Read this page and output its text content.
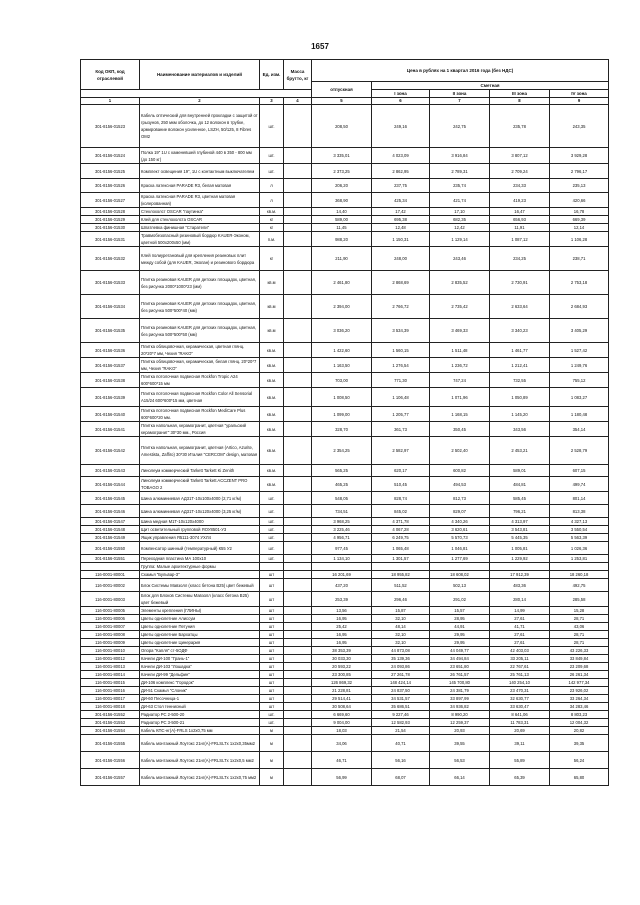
1657
Код ОКП, код отраслевой	Наименование материалов и изделий	Ед. изм.	Масса брутто, кг	Цена в рублях на 1 квартал 2016 года (без НДС)				
				отпускная	Сметная			
					I зона	II зона	III зона	IV зона
1	2	3	4	5	6	7	8	9
301-8156-01523	Кабель оптический для внутренней прокладки с защитой от грызунов, 250 мкм оболочка, до 12 волокон в трубке, армирование волокон усиленное, LSZH, 50/125, 8 Fibres OM2	шт.		208,50	249,16	242,75	235,78	243,35
301-8156-01524	Полка 19" 1U с каменевшей глубиной 440 в 350 - 800 мм (до 150 кг)	шт.		3 335,01	4 023,09	3 916,84	3 807,12	3 929,28
301-8156-01525	Комплект освещения 19", 1U с контактным выключателем	шт.		2 373,25	2 862,95	2 789,31	2 709,24	2 796,17
301-8156-01526	Краска латексная PARADE R3, белая матовая	л		206,20	237,75	235,74	234,33	235,13
301-8156-01527	Краска латексная PARADE R3, цветная матовая (колерованная)	л		368,90	425,34	421,74	419,23	420,66
301-8156-01528	Стеклохолст OSCAR "паутинка"	кв.м.		14,40	17,42	17,10	16,47	16,78
301-8156-01529	Клей для стеклохолста OSCAR	кг		589,00	695,38	682,35	656,93	669,39
301-8156-01530	Шпатлевка финишная "Старатели"	кг		11,45	12,48	12,42	11,91	12,14
301-8156-01531	Травмобезопасный резиновый бордюр KAUER-Эконом, цветной 500х200х50 (мм)	п.м.		988,20	1 150,31	1 129,14	1 087,12	1 106,28
301-8156-01532	Клей полиуретановый для крепления резиновых плит между собой (для KAUER, Эколан) и резинового бордюра	кг		211,90	248,00	243,46	234,25	238,71
301-8156-01533	Плитка резиновая KAUER для детских площадок, цветная, без рисунка 2000*1000*23 (мм)	кв.м		2 461,80	2 868,69	2 835,52	2 730,91	2 753,18
301-8156-01534	Плитка резиновая KAUER для детских площадок, цветная, без рисунка 500*500*40 (мм)	кв.м		2 394,00	2 766,72	2 735,42	2 633,64	2 684,93
301-8156-01535	Плитка резиновая KAUER для детских площадок, цветная, без рисунка 500*500*50 (мм)	кв.м		3 036,20	3 534,39	3 469,33	3 340,23	3 405,29
301-8156-01536	Плитка облицовочная, керамическая, цветная глянц. 20*20*7 мм, Чехия "RAKO"	кв.м.		1 422,60	1 560,15	1 511,48	1 461,77	1 527,42
301-8156-01537	Плитка облицовочная, керамическая, белая глянц. 20*20*7 мм, Чехия "RAKO"	кв.м.		1 163,50	1 276,54	1 236,72	1 212,41	1 249,76
301-8156-01538	Плитка потолочная подвесная Rockfon Tropic A24 600*600*15 мм	кв.м.		703,00	771,30	747,24	732,55	755,12
301-8156-01539	Плитка потолочная подвесная Rockfon Color All Sensorial A15/24 600*600*15 мм, цветная	кв.м.		1 008,50	1 106,48	1 071,96	1 050,89	1 083,27
301-8156-01540	Плитка потолочная подвесная Rockfon MediCare Plus 600*600*20 мм.	кв.м.		1 099,00	1 205,77	1 168,15	1 145,20	1 180,48
301-8156-01541	Плитка напольная, керамогранит, цветная "уральский керамогранит" 30*30 мм., Россия	кв.м.		328,70	361,73	350,45	343,56	354,14
301-8156-01542	Плитка напольная, керамогранит, цветная (Artico, Azurite, Amestista, Zaffiro) 30*30 Италия "CERCOM" design, матовая	кв.м.		2 354,25	2 582,97	2 502,40	2 453,21	2 528,79
301-8156-01543	Линолеум коммерческий Tarkett Tarkett Ki Zenith	кв.м.		565,25	620,17	600,82	589,01	607,15
301-8156-01544	Линолеум коммерческий Tarkett Tarkett ACCZENT PRO TOBAGO 2	кв.м.		465,25	510,45	494,53	484,81	499,74
301-8156-01545	Шина алюминиевая АД31Т-10х100х4000 (2,71 кг/м)	шт.		548,05	828,74	812,73	585,45	801,14
301-8156-01546	Шина алюминиевая АД31Т-10х120х4000 (3,25 кг/м)	шт.		734,51	845,02	829,07	796,21	813,38
301-8156-01547	Шина медная М1Т-10х120х4000	шт.		3 968,25	4 371,78	4 340,26	4 313,97	4 327,13
301-8156-01548	Щит осветительный групповой ЯОУ8501-У3	шт.		3 225,46	4 067,28	3 620,61	3 543,81	3 550,54
301-8156-01549	Ящик управления Я5111-3074 УХЛ4	шт.		4 956,71	6 249,75	5 570,73	5 445,35	5 563,39
301-8156-01550	Компенсатор шинный (температурный) К55 У2	шт.		977,45	1 065,48	1 046,81	1 005,81	1 026,36
301-8156-01551	Переходная пластина МА 100х10	шт.		1 134,10	1 301,57	1 277,69	1 229,92	1 253,81
	Группа: Малые архитектурные формы							
116-0001-80001	Скамья "Бульвар-3"	шт		16 201,69	18 955,82	18 608,02	17 912,39	18 260,18
116-0001-80002	Блок Системы Мавзолл (класс бетона В25) цвет бежевый	шт		437,20	511,52	502,13	483,36	492,75
116-0001-80003	Блок для Блоков Системы Мавзолл (класс бетона В25) цвет бежевый	шт		253,39	296,46	291,02	280,14	285,58
116-0001-80005	Элементы крепления (ГЛИНЫ)	шт		13,56	15,87	15,57	14,99	15,28
116-0001-80006	Цветы однолетние Алиссум	шт		16,95	32,10	28,95	27,61	28,71
116-0001-80007	Цветы однолетние Петуния	шт		25,42	48,14	44,91	41,71	43,06
116-0001-80008	Цветы однолетние Бархатцы	шт		16,95	32,10	29,95	27,61	28,71
116-0001-80009	Цветы однолетние Цинерария	шт		16,95	32,10	29,95	27,61	28,71
116-0001-80010	Опора "Капля" ст-5ОДФ	шт		38 353,39	44 873,08	44 049,77	42 403,03	43 226,33
116-0001-80012	Качели ДИ-100 "Грань-1"	шт		30 033,30	35 139,36	34 494,84	33 205,11	33 849,84
116-0001-80013	Качели ДИ-103 "Лошадка"	шт		20 593,22	24 093,86	23 651,80	22 767,61	23 209,68
116-0001-80014	Качели ДИ-99 "Дельфин"	шт		23 300,85	27 261,78	26 761,57	25 761,13	26 261,34
116-0001-80015	ДИ-106 комплекс "Городок"	шт		126 869,32	148 424,14	145 700,80	140 254,10	142 977,34
116-0001-80016	ДИ-51 Скамья "Слоник"	шт		21 228,81	24 837,50	24 381,79	23 470,31	23 926,02
116-0001-80017	ДИ-60 Песочница-1	шт		29 514,41	34 531,57	33 897,99	32 630,77	33 264,34
116-0001-80018	ДИ-63 Стол теннисный	шт		30 508,64	35 686,51	34 936,82	33 630,47	34 283,46
301-8156-01552	Радиатор РС 2-500-20	шт.		6 669,60	9 227,46	8 990,20	8 641,06	8 803,23
301-8156-01553	Радиатор РС 3-500-21	шт.		9 004,00	12 582,93	12 259,37	11 783,31	12 004,32
301-8156-01554	Кабель КПС-нг(А)-FRLS 1х2х0,75 мм	м		18,03	21,54	20,93	20,69	20,82
301-8156-01555	Кабель монтажный Лоутокс 21нг(А)-FRLSLTx 1х2х0,35мм2	м		34,06	40,71	39,55	39,11	39,35
301-8156-01556	Кабель монтажный Лоутокс 21нг(А)-FRLSLTx 1х2х0,5 мм2	м		46,71	56,16	56,53	55,89	56,24
301-8156-01557	Кабель монтажный Лоутокс 21нг(А)-FRLSLTx 1х2х0,75 мм2	м		56,99	68,07	66,14	65,39	65,80
